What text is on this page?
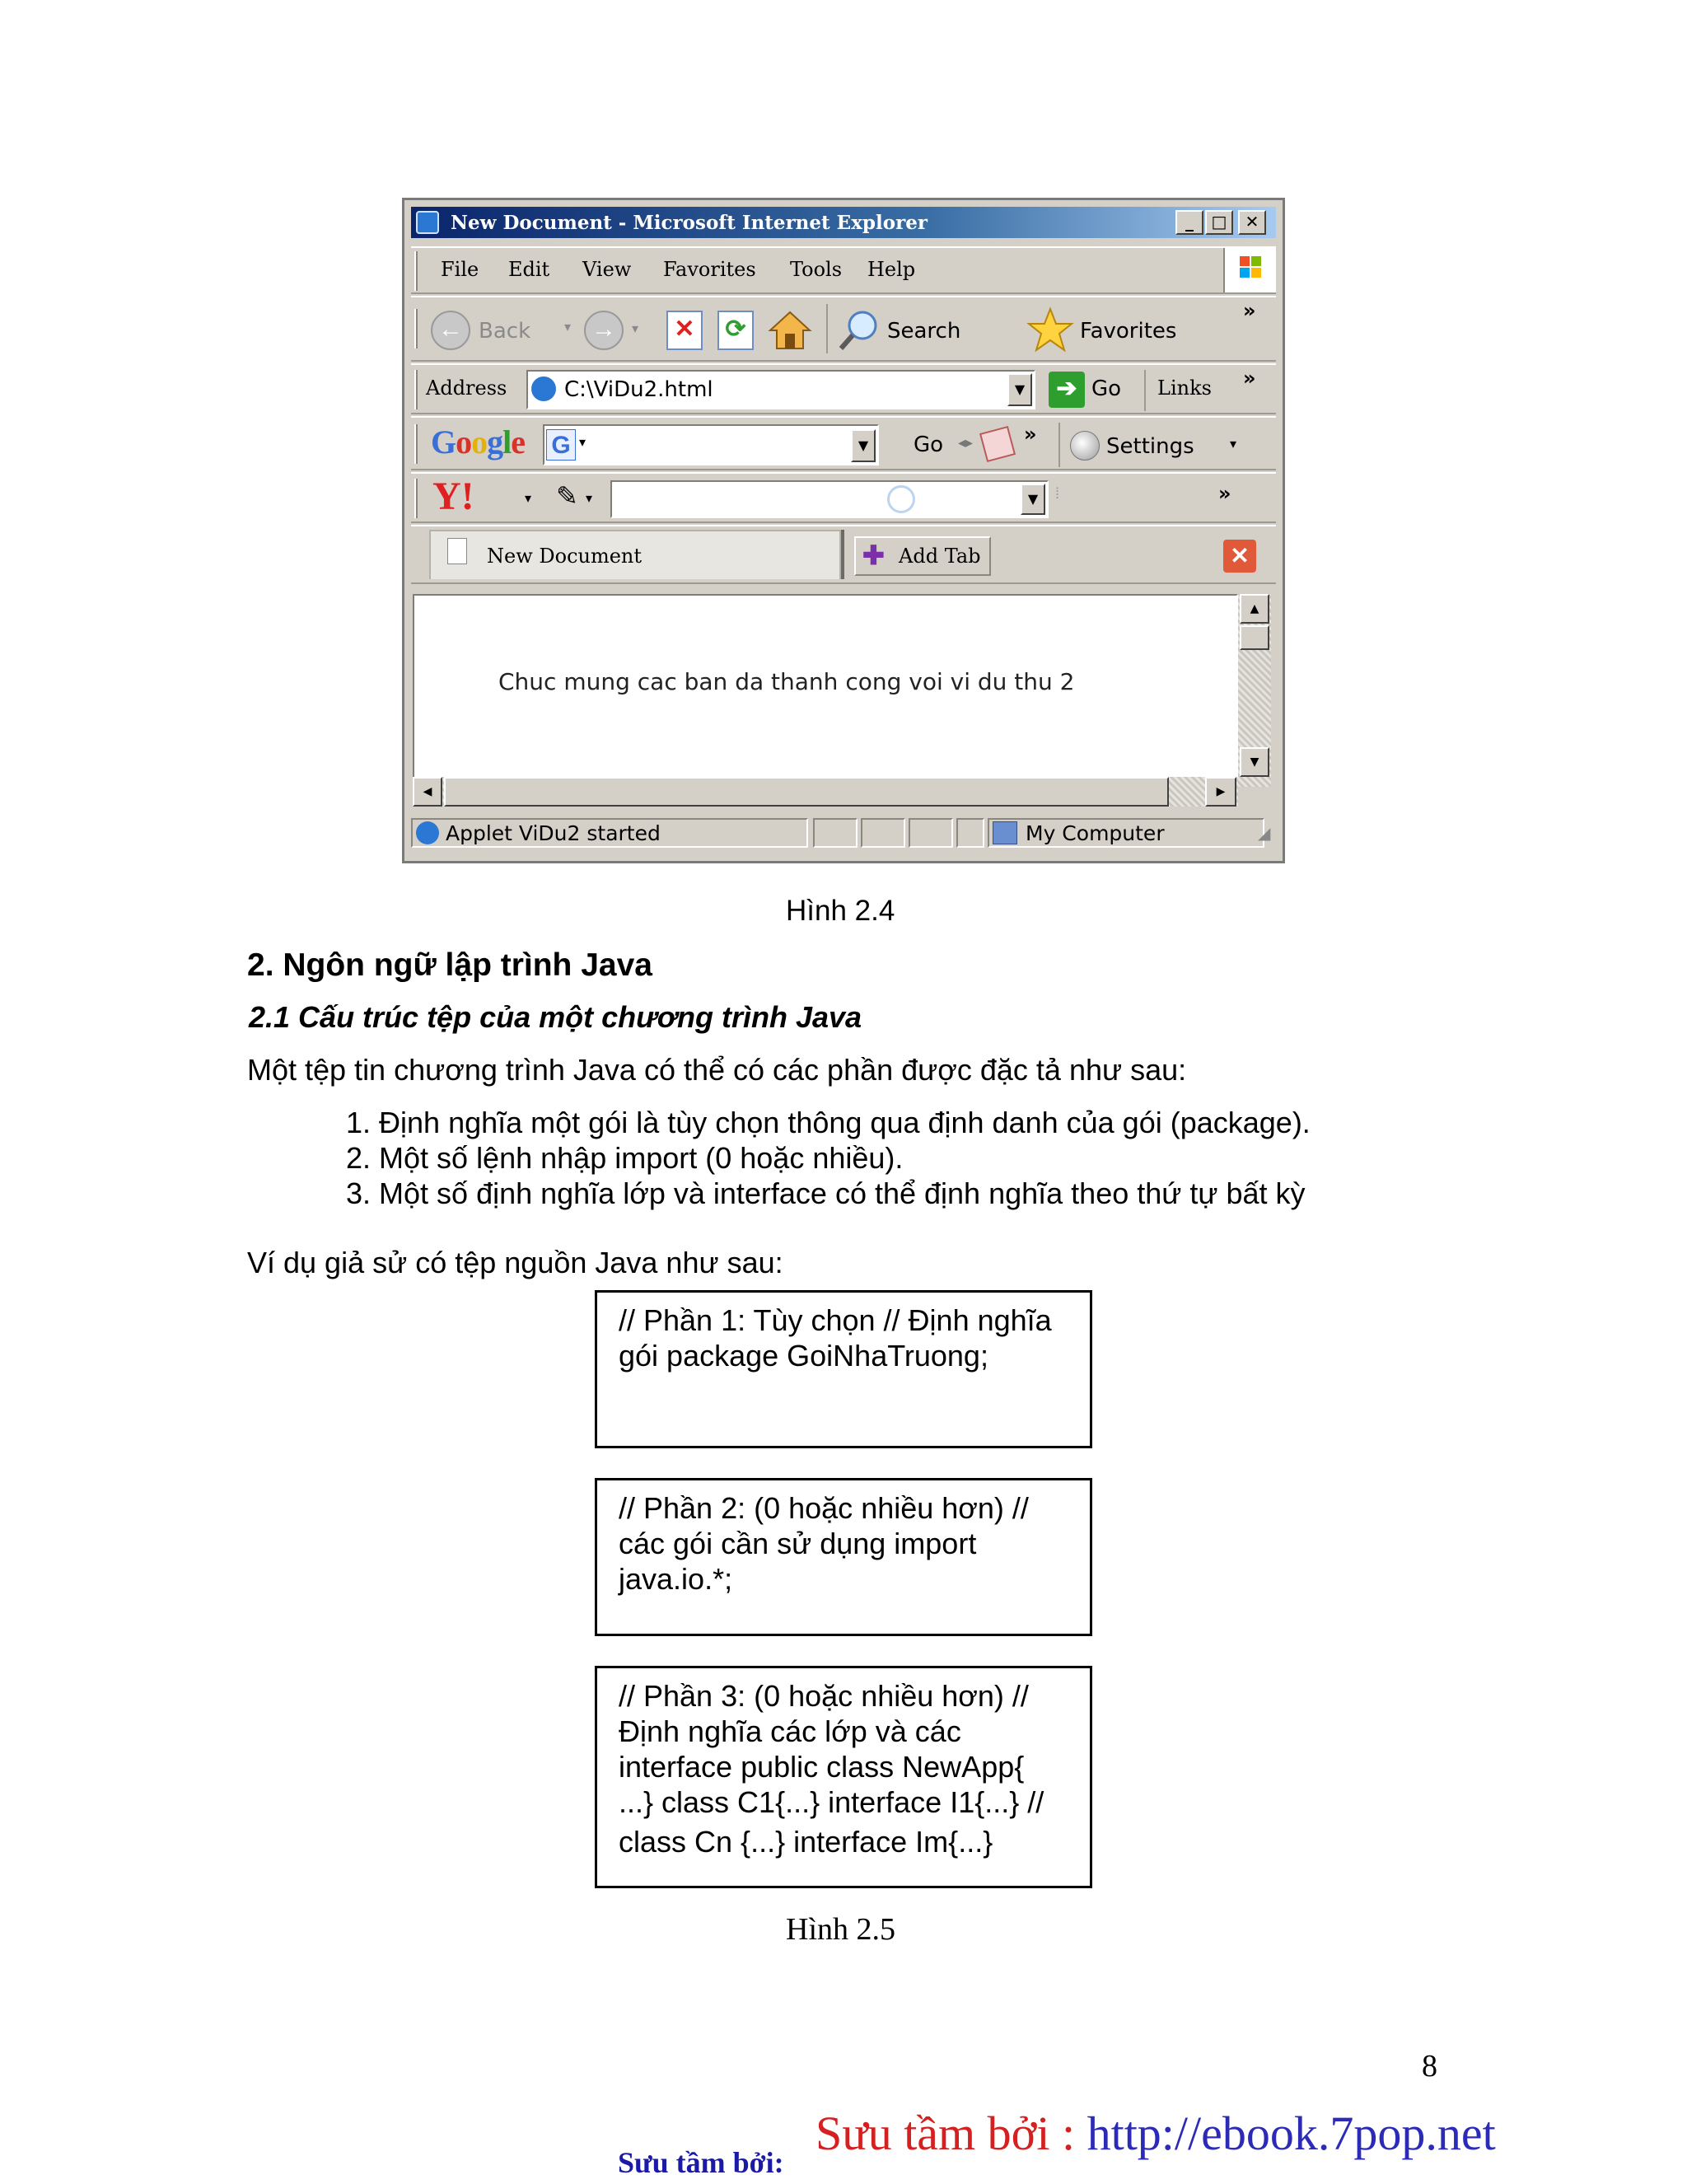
New Document - Microsoft Internet Explorer	_	□	✕
File Edit View Favorites Tools Help
← Back	▾ →	▾	✕	⟳	Search	Favorites
»
Address	C:\ViDu2.html	▼	➔ Go Links »
Google G ▾	▼	Go ◂▸	»	Settings	▾
Y!	▾ ✎ ▾	▼	⁞	»
New Document	✚ Add Tab	✕
Chuc mung cac ban da thanh cong voi vi du thu 2
▲
▼
◀	▶
Applet ViDu2 started	My Computer	◢
Hình 2.4
2. Ngôn ngữ lập trình Java
2.1 Cấu trúc tệp của một chương trình Java
Một tệp tin chương trình Java có thể có các phần được đặc tả như sau:
1. Định nghĩa một gói là tùy chọn thông qua định danh của gói (package).
2. Một số lệnh nhập import (0 hoặc nhiều).
3. Một số định nghĩa lớp và interface có thể định nghĩa theo thứ tự bất kỳ
Ví dụ giả sử có tệp nguồn Java như sau:
// Phần 1: Tùy chọn // Định nghĩa
gói package GoiNhaTruong;
// Phần 2: (0 hoặc nhiều hơn) //
các gói cần sử dụng import
java.io.*;
// Phần 3: (0 hoặc nhiều hơn) //
Định nghĩa các lớp và các
interface public class NewApp{
...} class C1{...} interface I1{...} //
class Cn {...} interface Im{...}
Hình 2.5
8
Sưu tầm bởi:
Sưu tầm bởi : http://ebook.7pop.net
